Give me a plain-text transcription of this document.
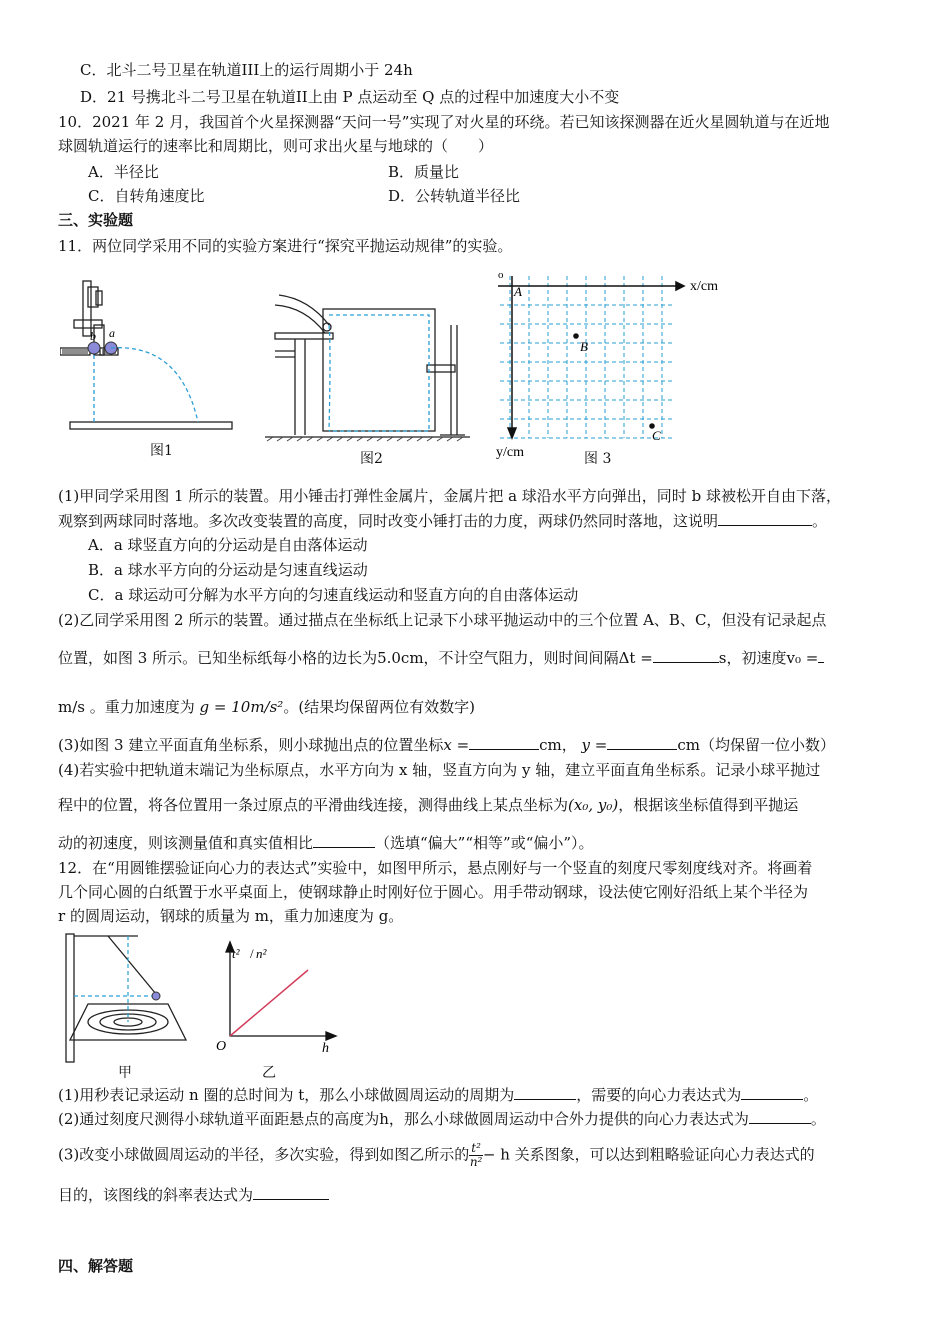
C．北斗二号卫星在轨道III上的运行周期小于 24h
D．21 号携北斗二号卫星在轨道II上由 P 点运动至 Q 点的过程中加速度大小不变
10．2021 年 2 月，我国首个火星探测器“天问一号”实现了对火星的环绕。若已知该探测器在近火星圆轨道与在近地
球圆轨道运行的速率比和周期比，则可求出火星与地球的（　　）
A．半径比	B．质量比
C．自转角速度比	D．公转轨道半径比
三、实验题
11．两位同学采用不同的实验方案进行“探究平抛运动规律”的实验。
b a
图1	图2
o
A
B
C
x/cm
y/cm	图 3
(1)甲同学采用图 1 所示的装置。用小锤击打弹性金属片，金属片把 a 球沿水平方向弹出，同时 b 球被松开自由下落，
观察到两球同时落地。多次改变装置的高度，同时改变小锤打击的力度，两球仍然同时落地，这说明	。
A．a 球竖直方向的分运动是自由落体运动
B．a 球水平方向的分运动是匀速直线运动
C．a 球运动可分解为水平方向的匀速直线运动和竖直方向的自由落体运动
(2)乙同学采用图 2 所示的装置。通过描点在坐标纸上记录下小球平抛运动中的三个位置 A、B、C，但没有记录起点
位置，如图 3 所示。已知坐标纸每小格的边长为5.0cm，不计空气阻力，则时间间隔Δt =	s，初速度v₀ =
m/s 。重力加速度为 g = 10m/s²。(结果均保留两位有效数字)
(3)如图 3 建立平面直角坐标系，则小球抛出点的位置坐标x =	cm， y =	cm（均保留一位小数）
(4)若实验中把轨道末端记为坐标原点，水平方向为 x 轴，竖直方向为 y 轴，建立平面直角坐标系。记录小球平抛过
程中的位置，将各位置用一条过原点的平滑曲线连接，测得曲线上某点坐标为(x₀, y₀)，根据该坐标值得到平抛运
动的初速度，则该测量值和真实值相比	（选填“偏大”“相等”或“偏小”）。
12．在“用圆锥摆验证向心力的表达式”实验中，如图甲所示，悬点刚好与一个竖直的刻度尺零刻度线对齐。将画着
几个同心圆的白纸置于水平桌面上，使钢球静止时刚好位于圆心。用手带动钢球，设法使它刚好沿纸上某个半径为
r 的圆周运动，钢球的质量为 m，重力加速度为 g。
甲
t² / n²
O	h
乙
(1)用秒表记录运动 n 圈的总时间为 t，那么小球做圆周运动的周期为	，需要的向心力表达式为	。
(2)通过刻度尺测得小球轨道平面距悬点的高度为h，那么小球做圆周运动中合外力提供的向心力表达式为	。
(3)改变小球做圆周运动的半径，多次实验，得到如图乙所示的 $\frac{\text{t²}}{\text{n²}} - h$ 关系图象，可以达到粗略验证向心力表达式的
目的，该图线的斜率表达式为
四、解答题
